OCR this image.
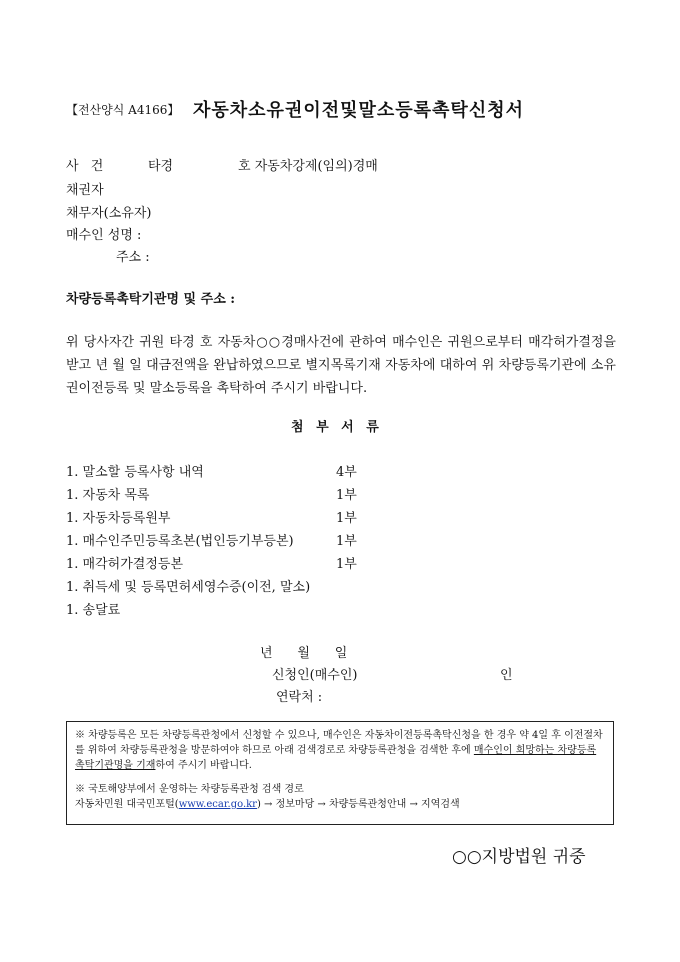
【전산양식 A4166】 자동차소유권이전및말소등록촉탁신청서
사 건	타경	호 자동차강제(임의)경매
채권자
채무자(소유자)
매수인 성명 :
주소 :
차량등록촉탁기관명 및 주소 :
위 당사자간 귀원 타경 호 자동차○○경매사건에 관하여 매수인은 귀원으로부터 매각허가결정을 받고 년 월 일 대금전액을 완납하였으므로 별지목록기재 자동차에 대하여 위 차량등록기관에 소유권이전등록 및 말소등록을 촉탁하여 주시기 바랍니다.
첨 부 서 류
1. 말소할 등록사항 내역	4부
1. 자동차 목록	1부
1. 자동차등록원부	1부
1. 매수인주민등록초본(법인등기부등본)	1부
1. 매각허가결정등본	1부
1. 취득세 및 등록면허세영수증(이전, 말소)
1. 송달료
년      월      일
신청인(매수인)	인
연락처 :
※ 차량등록은 모든 차량등록관청에서 신청할 수 있으나, 매수인은 자동차이전등록촉탁신청을 한 경우 약 4일 후 이전절차를 위하여 차량등록관청을 방문하여야 하므로 아래 검색경로로 차량등록관청을 검색한 후에 매수인이 희망하는 차량등록촉탁기관명을 기재하여 주시기 바랍니다.
※ 국토해양부에서 운영하는 차량등록관청 검색 경로
자동차민원 대국민포털(www.ecar.go.kr) → 정보마당 → 차량등록관청안내 → 지역검색
○○지방법원 귀중
